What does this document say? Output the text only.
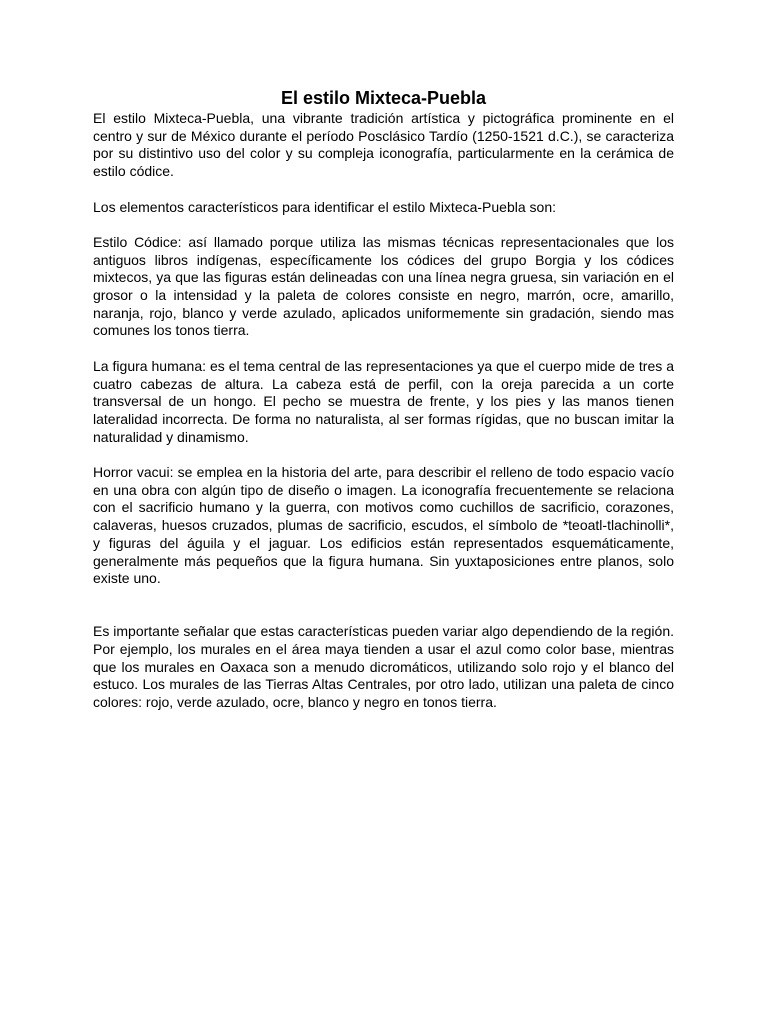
El estilo Mixteca-Puebla

El estilo Mixteca-Puebla, una vibrante tradición artística y pictográfica prominente en el centro y sur de México durante el período Posclásico Tardío (1250-1521 d.C.), se caracteriza por su distintivo uso del color y su compleja iconografía, particularmente en la cerámica de estilo códice.

Los elementos característicos para identificar el estilo Mixteca-Puebla son:

Estilo Códice: así llamado porque utiliza las mismas técnicas representacionales que los antiguos libros indígenas, específicamente los códices del grupo Borgia y los códices mixtecos, ya que las figuras están delineadas con una línea negra gruesa, sin variación en el grosor o la intensidad y la paleta de colores consiste en negro, marrón, ocre, amarillo, naranja, rojo, blanco y verde azulado, aplicados uniformemente sin gradación, siendo mas comunes los tonos tierra.

La figura humana: es el tema central de las representaciones ya que el cuerpo mide de tres a cuatro cabezas de altura. La cabeza está de perfil, con la oreja parecida a un corte transversal de un hongo. El pecho se muestra de frente, y los pies y las manos tienen lateralidad incorrecta. De forma no naturalista, al ser formas rígidas, que no buscan imitar la naturalidad y dinamismo.

Horror vacui: se emplea en la historia del arte, para describir el relleno de todo espacio vacío en una obra con algún tipo de diseño o imagen. La iconografía frecuentemente se relaciona con el sacrificio humano y la guerra, con motivos como cuchillos de sacrificio, corazones, calaveras, huesos cruzados, plumas de sacrificio, escudos, el símbolo de *teoatl-tlachinolli*, y figuras del águila y el jaguar. Los edificios están representados esquemáticamente, generalmente más pequeños que la figura humana. Sin yuxtaposiciones entre planos, solo existe uno.

Es importante señalar que estas características pueden variar algo dependiendo de la región. Por ejemplo, los murales en el área maya tienden a usar el azul como color base, mientras que los murales en Oaxaca son a menudo dicromáticos, utilizando solo rojo y el blanco del estuco. Los murales de las Tierras Altas Centrales, por otro lado, utilizan una paleta de cinco colores: rojo, verde azulado, ocre, blanco y negro en tonos tierra.
